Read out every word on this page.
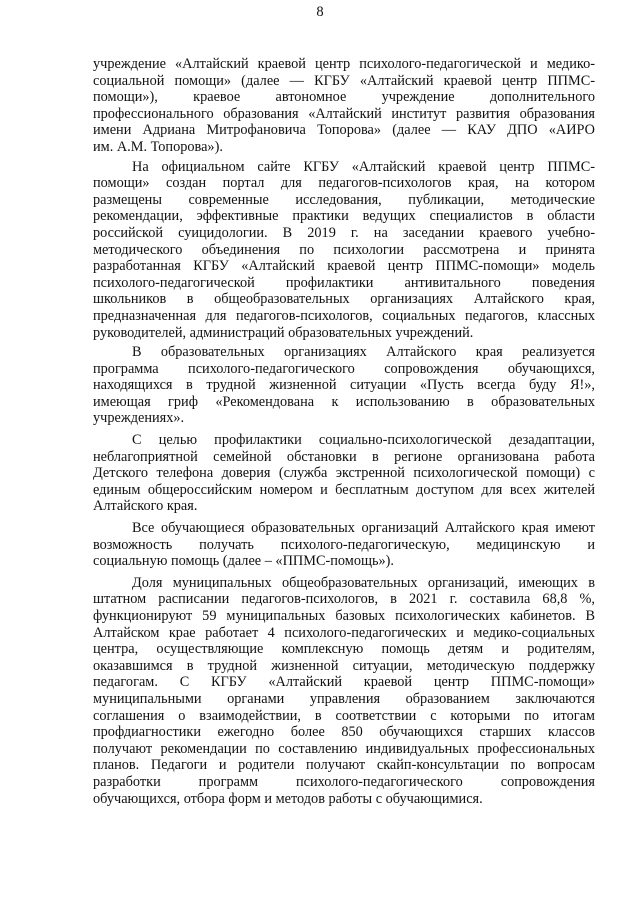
8
учреждение «Алтайский краевой центр психолого-педагогической и медико-
социальной помощи» (далее — КГБУ «Алтайский краевой центр ППМС-
помощи»), краевое автономное учреждение дополнительного
профессионального образования «Алтайский институт развития образования
имени Адриана Митрофановича Топорова» (далее — КАУ ДПО «АИРО
им. А.М. Топорова»).
На официальном сайте КГБУ «Алтайский краевой центр ППМС-
помощи» создан портал для педагогов-психологов края, на котором
размещены современные исследования, публикации, методические
рекомендации, эффективные практики ведущих специалистов в области
российской суицидологии. В 2019 г. на заседании краевого учебно-
методического объединения по психологии рассмотрена и принята
разработанная КГБУ «Алтайский краевой центр ППМС-помощи» модель
психолого-педагогической профилактики антивитального поведения
школьников в общеобразовательных организациях Алтайского края,
предназначенная для педагогов-психологов, социальных педагогов, классных
руководителей, администраций образовательных учреждений.
В образовательных организациях Алтайского края реализуется
программа психолого-педагогического сопровождения обучающихся,
находящихся в трудной жизненной ситуации «Пусть всегда буду Я!»,
имеющая гриф «Рекомендована к использованию в образовательных
учреждениях».
С целью профилактики социально-психологической дезадаптации,
неблагоприятной семейной обстановки в регионе организована работа
Детского телефона доверия (служба экстренной психологической помощи) с
единым общероссийским номером и бесплатным доступом для всех жителей
Алтайского края.
Все обучающиеся образовательных организаций Алтайского края имеют
возможность получать психолого-педагогическую, медицинскую и
социальную помощь (далее – «ППМС-помощь»).
Доля муниципальных общеобразовательных организаций, имеющих в
штатном расписании педагогов-психологов, в 2021 г. составила 68,8 %,
функционируют 59 муниципальных базовых психологических кабинетов. В
Алтайском крае работает 4 психолого-педагогических и медико-социальных
центра, осуществляющие комплексную помощь детям и родителям,
оказавшимся в трудной жизненной ситуации, методическую поддержку
педагогам. С КГБУ «Алтайский краевой центр ППМС-помощи»
муниципальными органами управления образованием заключаются
соглашения о взаимодействии, в соответствии с которыми по итогам
профдиагностики ежегодно более 850 обучающихся старших классов
получают рекомендации по составлению индивидуальных профессиональных
планов. Педагоги и родители получают скайп-консультации по вопросам
разработки программ психолого-педагогического сопровождения
обучающихся, отбора форм и методов работы с обучающимися.
